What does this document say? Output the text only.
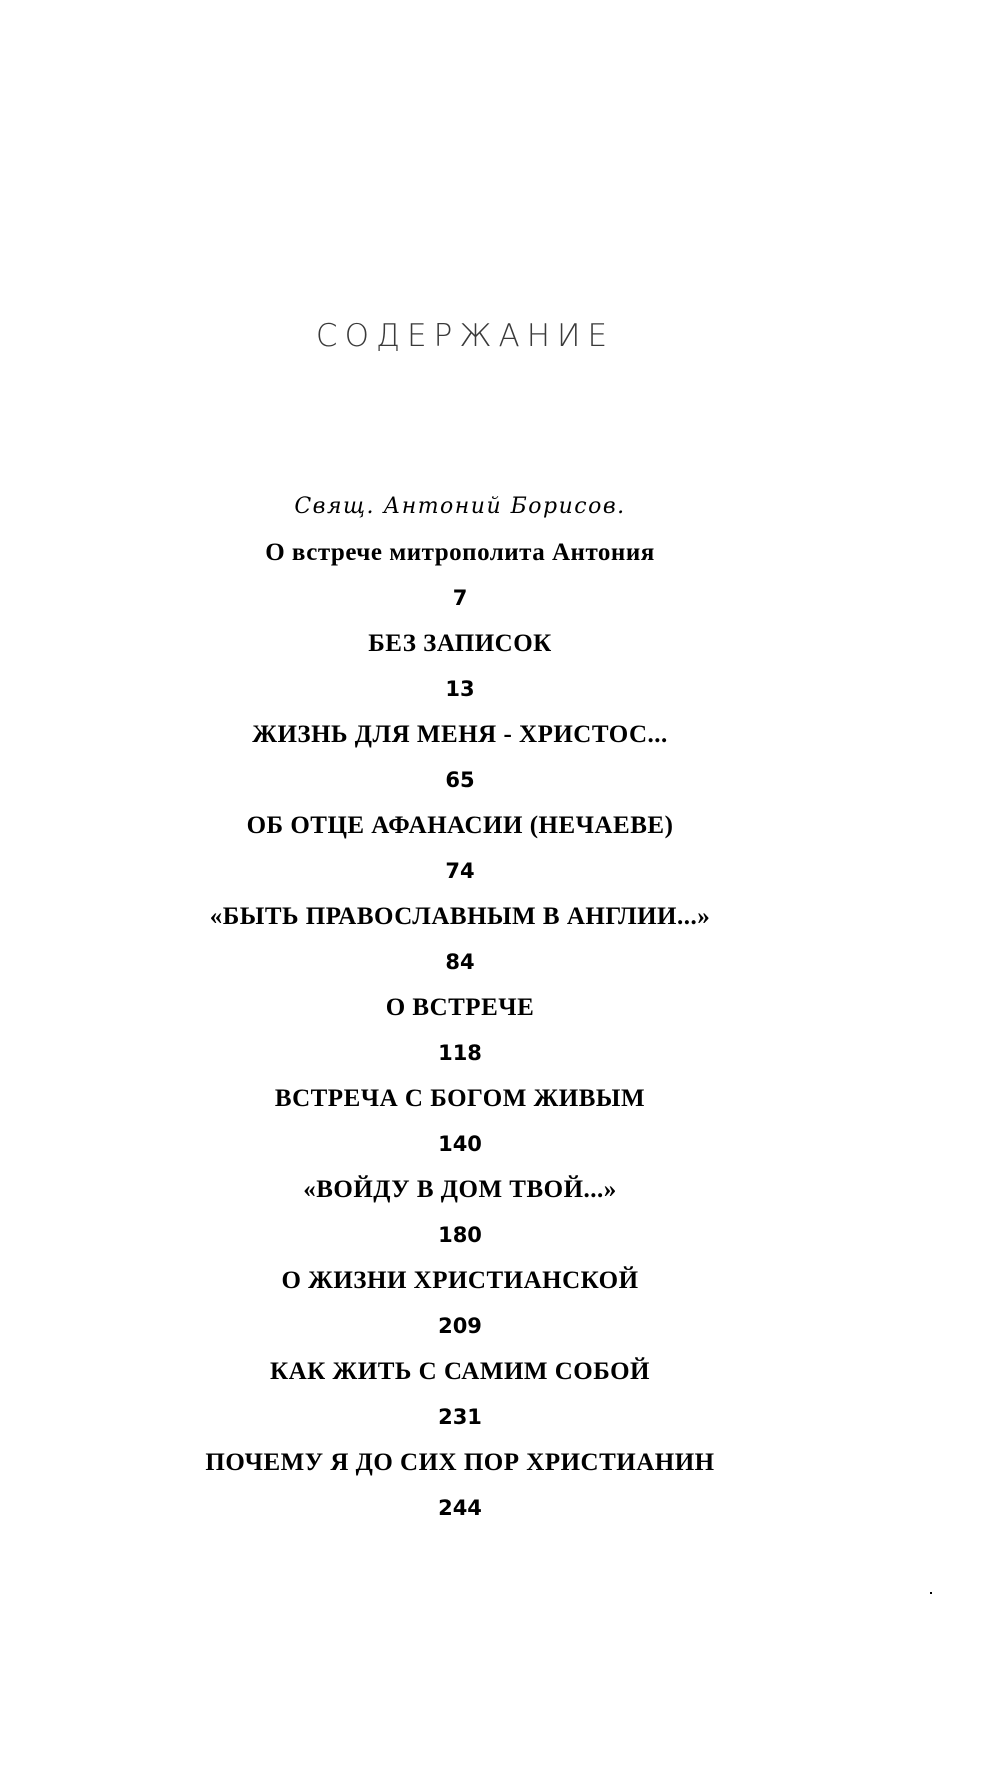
СОДЕРЖАНИЕ
Свящ. Антоний Борисов.
О встрече митрополита Антония
7
БЕЗ ЗАПИСОК
13
ЖИЗНЬ ДЛЯ МЕНЯ - ХРИСТОС...
65
ОБ ОТЦЕ АФАНАСИИ (НЕЧАЕВЕ)
74
«БЫТЬ ПРАВОСЛАВНЫМ В АНГЛИИ...»
84
О ВСТРЕЧЕ
118
ВСТРЕЧА С БОГОМ ЖИВЫМ
140
«ВОЙДУ В ДОМ ТВОЙ...»
180
О ЖИЗНИ ХРИСТИАНСКОЙ
209
КАК ЖИТЬ С САМИМ СОБОЙ
231
ПОЧЕМУ Я ДО СИХ ПОР ХРИСТИАНИН
244
